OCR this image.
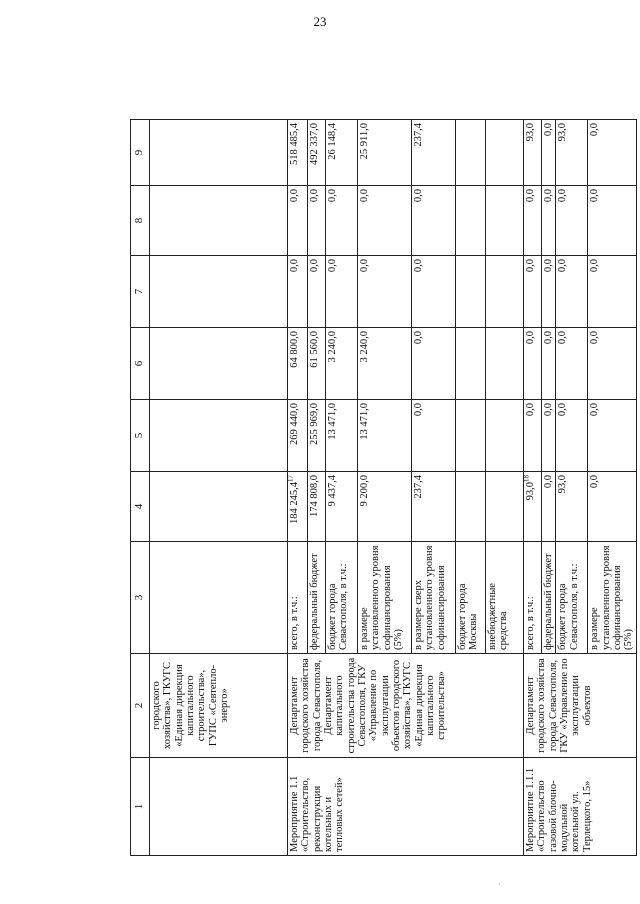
23
1	2	3	4	5	6	7	8	9
	городского хозяйства», ГКУГС «Единая дирекция капитального строительства», ГУПС «Севтепло-энерго»							
Мероприятие 1.1 «Строительство, реконструкция котельных и тепловых сетей»	Департамент городского хозяйства города Севастополя, Департамент капитального строительства города Севастополя, ГКУ «Управление по эксплуатации объектов городского хозяйства», ГКУГС «Единая дирекция капитального строительства»	всего, в т.ч.:	184 245,4$^{17}$	269 440,0	64 800,0	0,0	0,0	518 485,4
		федеральный бюджет	174 808,0	255 969,0	61 560,0	0,0	0,0	492 337,0
		бюджет города Севастополя, в т.ч.:	9 437,4	13 471,0	3 240,0	0,0	0,0	26 148,4
		в размере установленного уровня софинансирования (5%)	9 200,0	13 471,0	3 240,0	0,0	0,0	25 911,0
		в размере сверх установленного уровня софинансирования	237,4	0,0	0,0	0,0	0,0	237,4
		бюджет города Москвы						
		внебюджетные средства						
Мероприятие 1.1.1 «Строительство газовой блочно-модульной котельной ул. Терлецкого, 15»	Департамент городского хозяйства города Севастополя, ГКУ «Управление по эксплуатации объектов	всего, в т.ч.:	93,0$^{18}$	0,0	0,0	0,0	0,0	93,0
		федеральный бюджет	0,0	0,0	0,0	0,0	0,0	0,0
		бюджет города Севастополя, в т.ч.:	93,0	0,0	0,0	0,0	0,0	93,0
		в размере установленного уровня софинансирования (5%)	0,0	0,0	0,0	0,0	0,0	0,0
·
